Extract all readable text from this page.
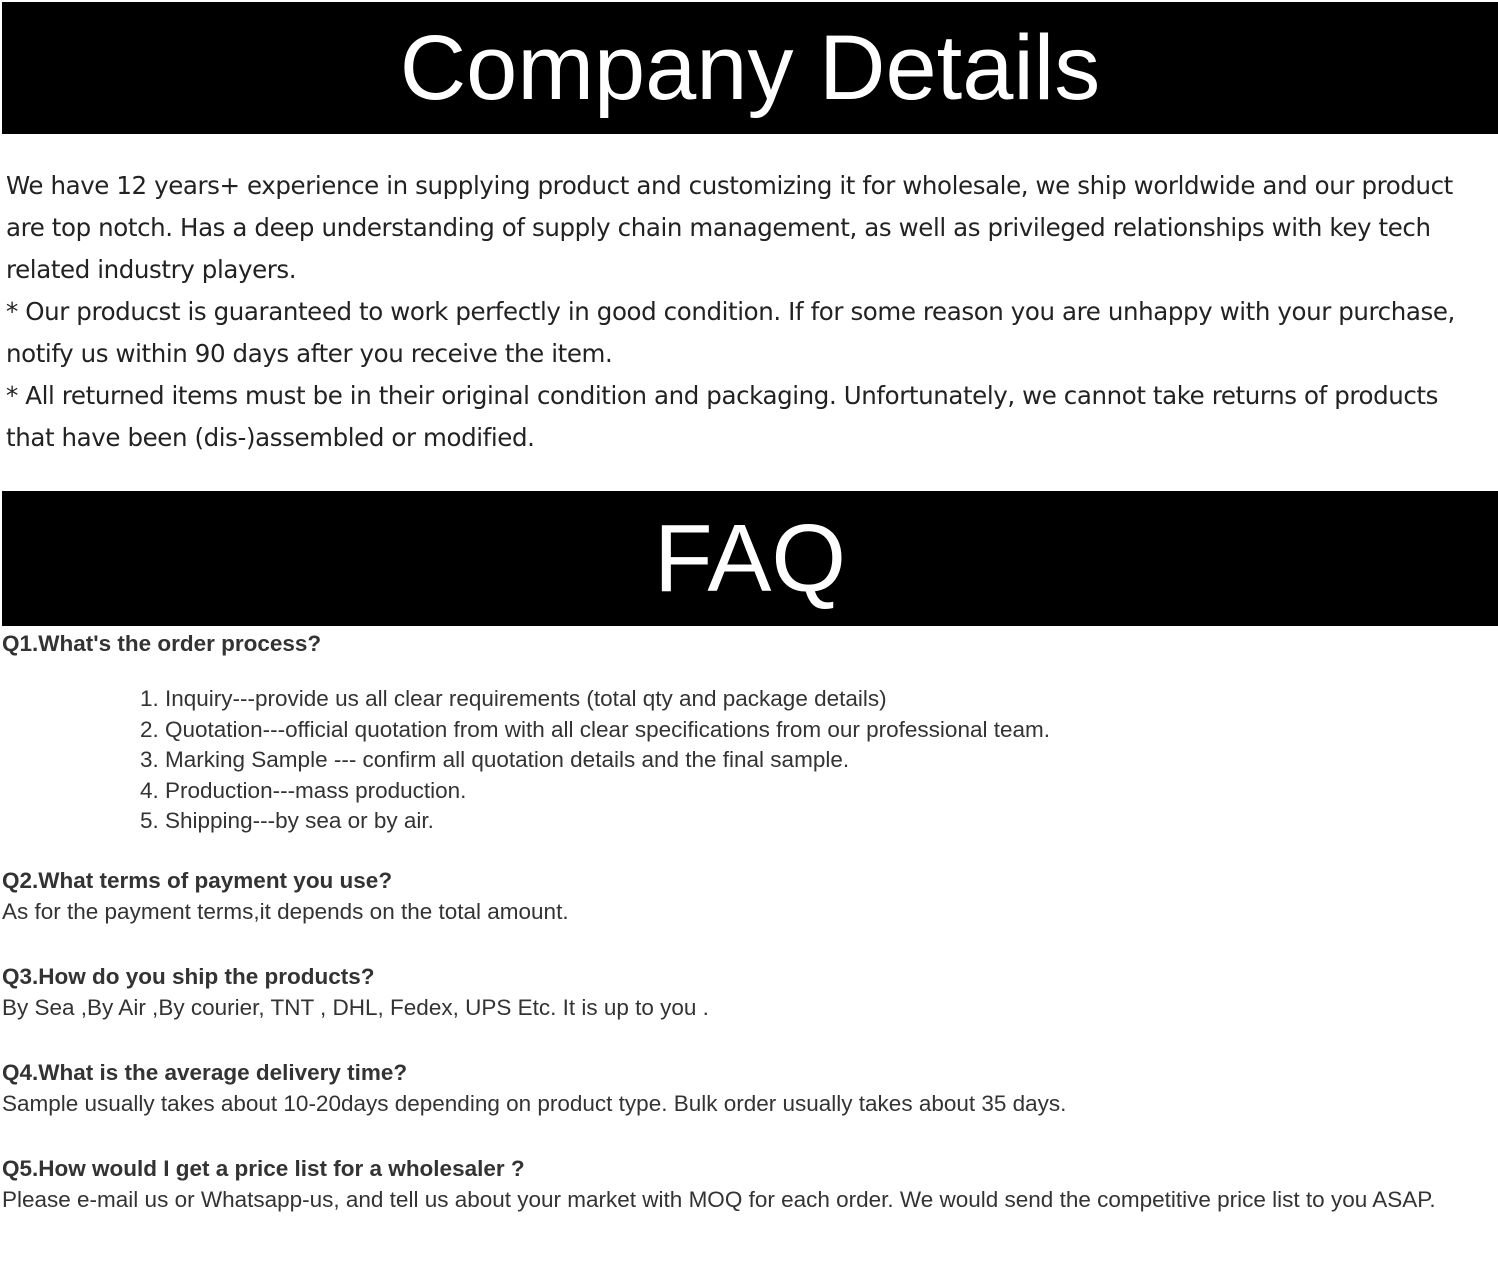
Company Details

We have 12 years+ experience in supplying product and customizing it for wholesale, we ship worldwide and our product are top notch. Has a deep understanding of supply chain management, as well as privileged relationships with key tech related industry players.

* Our producst is guaranteed to work perfectly in good condition. If for some reason you are unhappy with your purchase, notify us within 90 days after you receive the item.

* All returned items must be in their original condition and packaging. Unfortunately, we cannot take returns of products that have been (dis-)assembled or modified.

FAQ

Q1.What's the order process?

1. Inquiry---provide us all clear requirements (total qty and package details)
2. Quotation---official quotation from with all clear specifications from our professional team.
3. Marking Sample --- confirm all quotation details and the final sample.
4. Production---mass production.
5. Shipping---by sea or by air.

Q2.What terms of payment you use?

As for the payment terms,it depends on the total amount.

Q3.How do you ship the products?

By Sea ,By Air ,By courier, TNT , DHL, Fedex, UPS Etc. It is up to you .

Q4.What is the average delivery time?

Sample usually takes about 10-20days depending on product type. Bulk order usually takes about 35 days.

Q5.How would I get a price list for a wholesaler ?

Please e-mail us or Whatsapp-us, and tell us about your market with MOQ for each order. We would send the competitive price list to you ASAP.
